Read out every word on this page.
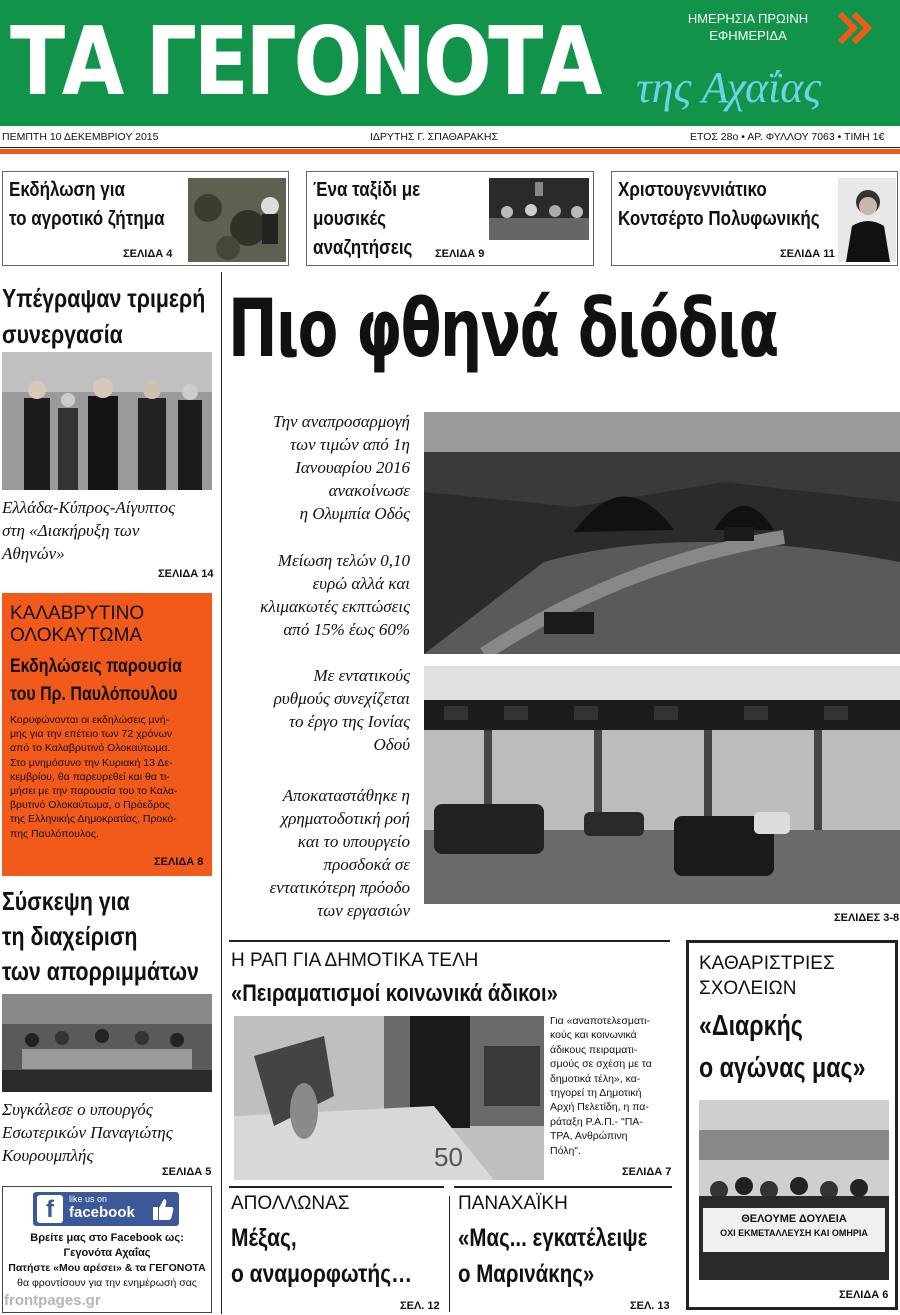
ΤΑ ΓΕΓΟΝΟΤΑ της Αχαΐας
ΗΜΕΡΗΣΙΑ ΠΡΩΙΝΗ
ΕΦΗΜΕΡΙΔΑ
ΠΕΜΠΤΗ 10 ΔΕΚΕΜΒΡΙΟΥ 2015	ΙΔΡΥΤΗΣ Γ. ΣΠΑΘΑΡΑΚΗΣ	ΕΤΟΣ 28ο • ΑΡ. ΦΥΛΛΟΥ 7063 • ΤΙΜΗ 1€
Εκδήλωση για
το αγροτικό ζήτημα
ΣΕΛΙΔΑ 4
Ένα ταξίδι με
μουσικές
αναζητήσεις	ΣΕΛΙΔΑ 9
Χριστουγεννιάτικο
Κοντσέρτο Πολυφωνικής
ΣΕΛΙΔΑ 11
Υπέγραψαν τριμερή
συνεργασία
Ελλάδα-Κύπρος-Αίγυπτος
στη «Διακήρυξη των
Αθηνών»
ΣΕΛΙΔΑ 14
ΚΑΛΑΒΡΥΤΙΝΟ
ΟΛΟΚΑΥΤΩΜΑ
Εκδηλώσεις παρουσία
του Πρ. Παυλόπουλου
Κορυφώνονται οι εκδηλώσεις μνή-
μης για την επέτειο των 72 χρόνων
από το Καλαβρυτινό Ολοκαύτωμα.
Στο μνημόσυνο την Κυριακή 13 Δε-
κεμβρίου, θα παρευρεθεί και θα τι-
μήσει με την παρουσία του το Καλα-
βρυτινό Ολοκαύτωμα, ο Πρόεδρος
της Ελληνικής Δημοκρατίας, Προκό-
πης Παυλόπουλος.
ΣΕΛΙΔΑ 8
Σύσκεψη για
τη διαχείριση
των απορριμμάτων
Συγκάλεσε ο υπουργός
Εσωτερικών Παναγιώτης
Κουρουμπλής
ΣΕΛΙΔΑ 5
f	like us on
facebook
Βρείτε μας στο Facebook ως:
Γεγονότα Αχαΐας
Πατήστε «Μου αρέσει» & τα ΓΕΓΟΝΟΤΑ
θα φροντίσουν για την ενημέρωσή σας
frontpages.gr
Πιο φθηνά διόδια
Την αναπροσαρμογή
των τιμών από 1η
Ιανουαρίου 2016
ανακοίνωσε
η Ολυμπία Οδός
Μείωση τελών 0,10
ευρώ αλλά και
κλιμακωτές εκπτώσεις
από 15% έως 60%
Με εντατικούς
ρυθμούς συνεχίζεται
το έργο της Ιονίας
Οδού
Αποκαταστάθηκε η
χρηματοδοτική ροή
και το υπουργείο
προσδοκά σε
εντατικότερη πρόοδο
των εργασιών	ΣΕΛΙΔΕΣ 3-8
Η ΡΑΠ ΓΙΑ ΔΗΜΟΤΙΚΑ ΤΕΛΗ
«Πειραματισμοί κοινωνικά άδικοι»
50
Για «αναποτελεσματι-
κούς και κοινωνικά
άδικους πειραματι-
σμούς σε σχέση με τα
δημοτικά τέλη», κα-
τηγορεί τη Δημοτική
Αρχή Πελετίδη, η πα-
ράταξη Ρ.Α.Π.- "ΠΑ-
ΤΡΑ, Ανθρώπινη
Πόλη".
ΣΕΛΙΔΑ 7
ΚΑΘΑΡΙΣΤΡΙΕΣ
ΣΧΟΛΕΙΩΝ
«Διαρκής
ο αγώνας μας»
ΘΕΛΟΥΜΕ ΔΟΥΛΕΙΑ
ΟΧΙ ΕΚΜΕΤΑΛΛΕΥΣΗ ΚΑΙ ΟΜΗΡΙΑ
ΣΕΛΙΔΑ 6
ΑΠΟΛΛΩΝΑΣ
Μέξας,
ο αναμορφωτής…
ΣΕΛ. 12
ΠΑΝΑΧΑΪΚΗ
«Μας... εγκατέλειψε
ο Μαρινάκης»
ΣΕΛ. 13
